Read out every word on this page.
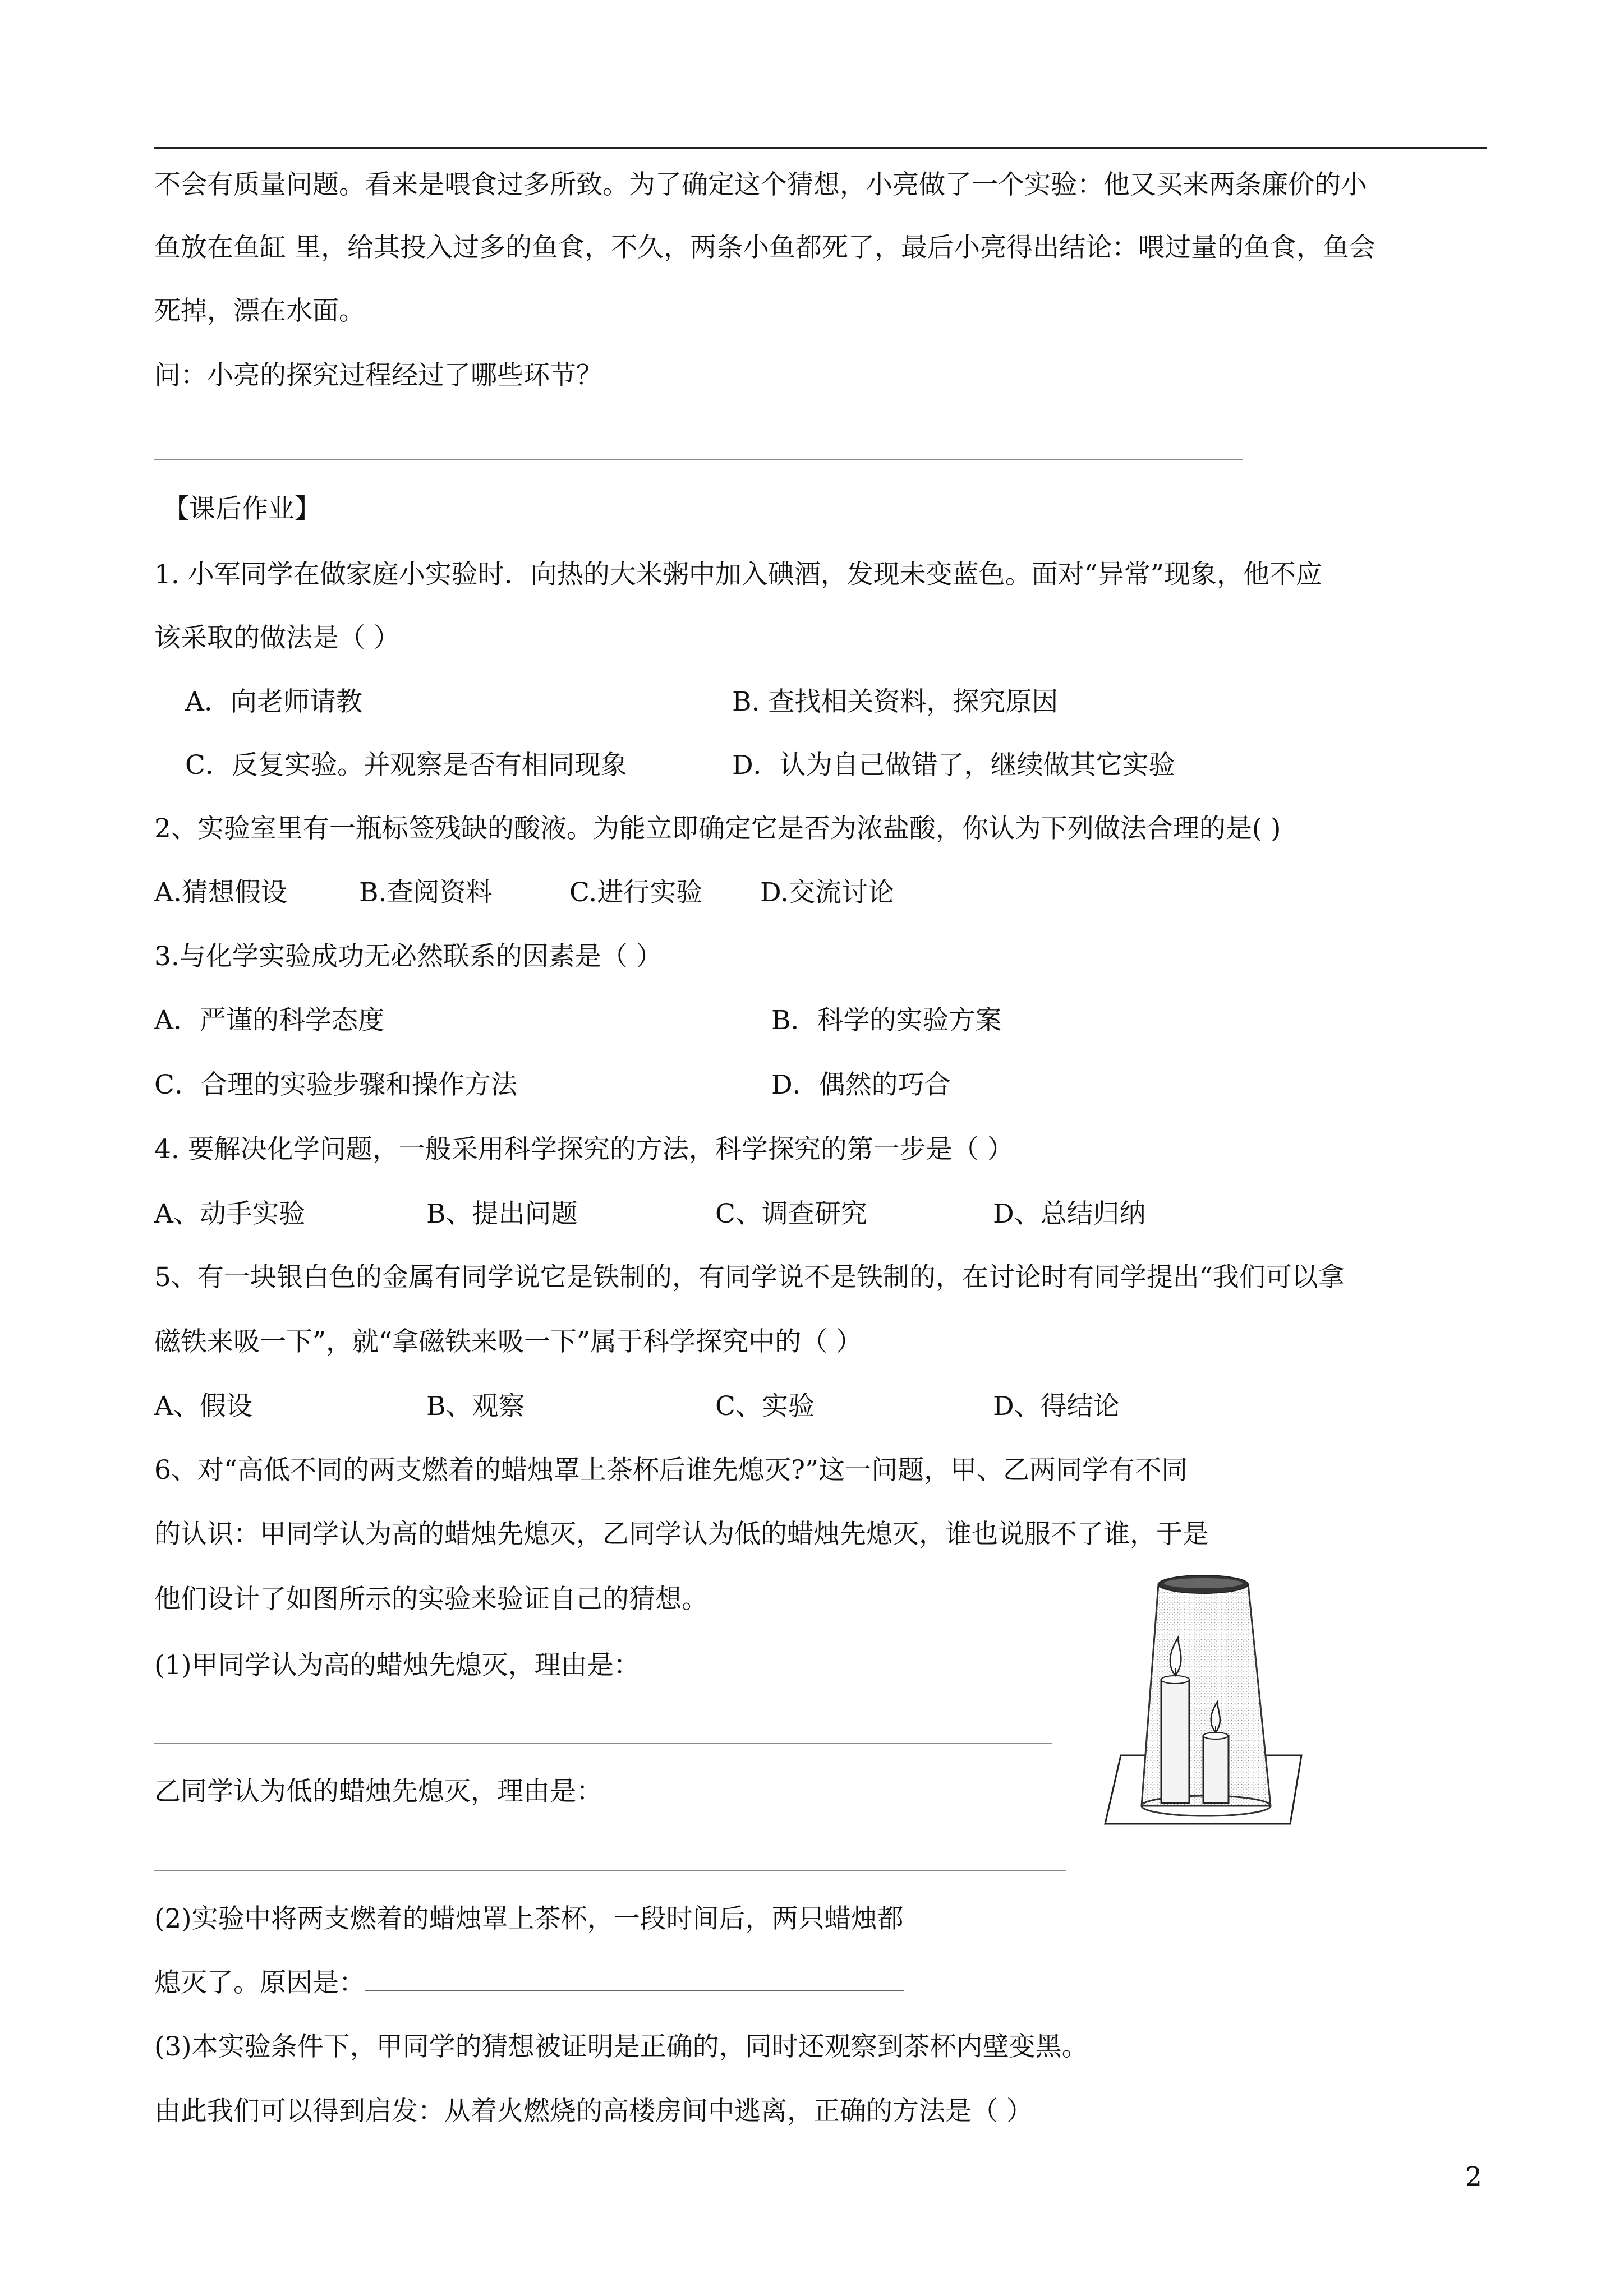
不会有质量问题。看来是喂食过多所致。为了确定这个猜想，小亮做了一个实验：他又买来两条廉价的小
鱼放在鱼缸 里，给其投入过多的鱼食，不久，两条小鱼都死了，最后小亮得出结论：喂过量的鱼食，鱼会
死掉，漂在水面。
问：小亮的探究过程经过了哪些环节？
【课后作业】
1. 小军同学在做家庭小实验时．向热的大米粥中加入碘酒，发现未变蓝色。面对“异常”现象，他不应
该采取的做法是（ ）
A．向老师请教	B. 查找相关资料，探究原因
C．反复实验。并观察是否有相同现象	D．认为自己做错了，继续做其它实验
2、实验室里有一瓶标签残缺的酸液。为能立即确定它是否为浓盐酸，你认为下列做法合理的是( )
A.猜想假设	B.查阅资料	C.进行实验 D.交流讨论
3.与化学实验成功无必然联系的因素是（ ）
A．严谨的科学态度	B．科学的实验方案
C．合理的实验步骤和操作方法	D．偶然的巧合
4. 要解决化学问题，一般采用科学探究的方法，科学探究的第一步是（ ）
A、动手实验	B、提出问题	C、调查研究	D、总结归纳
5、有一块银白色的金属有同学说它是铁制的，有同学说不是铁制的，在讨论时有同学提出“我们可以拿
磁铁来吸一下”，就“拿磁铁来吸一下”属于科学探究中的（ ）
A、假设	B、观察	C、实验	D、得结论
6、对“高低不同的两支燃着的蜡烛罩上茶杯后谁先熄灭?”这一问题，甲、乙两同学有不同
的认识：甲同学认为高的蜡烛先熄灭，乙同学认为低的蜡烛先熄灭，谁也说服不了谁，于是
他们设计了如图所示的实验来验证自己的猜想。
(1)甲同学认为高的蜡烛先熄灭，理由是：
乙同学认为低的蜡烛先熄灭，理由是：
(2)实验中将两支燃着的蜡烛罩上茶杯，一段时间后，两只蜡烛都
熄灭了。原因是：
(3)本实验条件下，甲同学的猜想被证明是正确的，同时还观察到茶杯内壁变黑。
由此我们可以得到启发：从着火燃烧的高楼房间中逃离，正确的方法是（ ）
2
